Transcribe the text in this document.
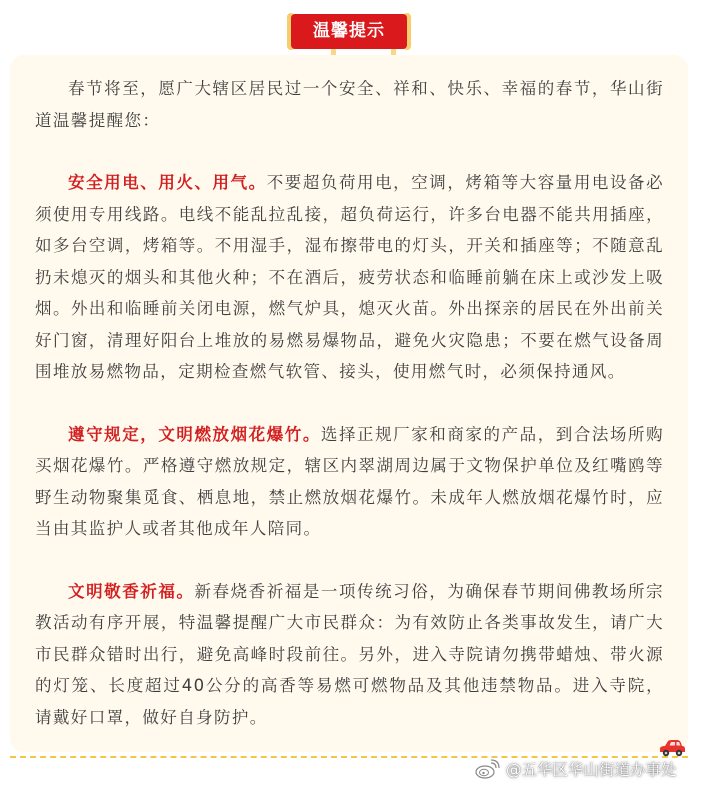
温馨提示

春节将至，愿广大辖区居民过一个安全、祥和、快乐、幸福的春节，华山街道温馨提醒您：

安全用电、用火、用气。不要超负荷用电，空调，烤箱等大容量用电设备必须使用专用线路。电线不能乱拉乱接，超负荷运行，许多台电器不能共用插座，如多台空调，烤箱等。不用湿手，湿布擦带电的灯头，开关和插座等；不随意乱扔未熄灭的烟头和其他火种；不在酒后，疲劳状态和临睡前躺在床上或沙发上吸烟。外出和临睡前关闭电源，燃气炉具，熄灭火苗。外出探亲的居民在外出前关好门窗，清理好阳台上堆放的易燃易爆物品，避免火灾隐患；不要在燃气设备周围堆放易燃物品，定期检查燃气软管、接头，使用燃气时，必须保持通风。

遵守规定，文明燃放烟花爆竹。选择正规厂家和商家的产品，到合法场所购买烟花爆竹。严格遵守燃放规定，辖区内翠湖周边属于文物保护单位及红嘴鸥等野生动物聚集觅食、栖息地，禁止燃放烟花爆竹。未成年人燃放烟花爆竹时，应当由其监护人或者其他成年人陪同。

文明敬香祈福。新春烧香祈福是一项传统习俗，为确保春节期间佛教场所宗教活动有序开展，特温馨提醒广大市民群众：为有效防止各类事故发生，请广大市民群众错时出行，避免高峰时段前往。另外，进入寺院请勿携带蜡烛、带火源的灯笼、长度超过40公分的高香等易燃可燃物品及其他违禁物品。进入寺院，请戴好口罩，做好自身防护。

@五华区华山街道办事处
